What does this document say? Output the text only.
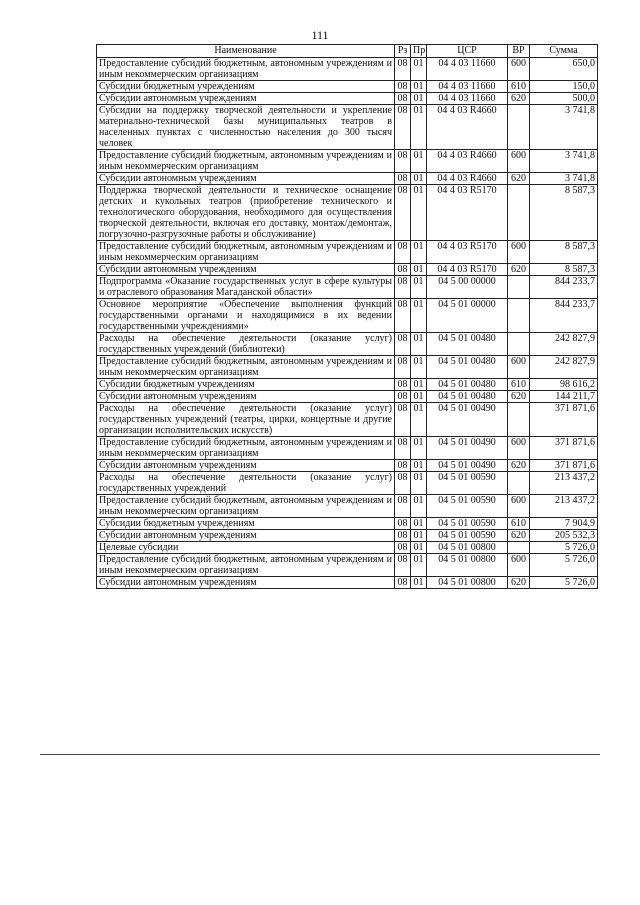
111
Наименование	Рз	Пр	ЦСР	ВР	Сумма
Предоставление субсидий бюджетным, автономным учреждениям и иным некоммерческим организациям	08	01	04 4 03 11660	600	650,0
Субсидии бюджетным учреждениям	08	01	04 4 03 11660	610	150,0
Субсидии автономным учреждениям	08	01	04 4 03 11660	620	500,0
Субсидии на поддержку творческой деятельности и укрепление материально-технической базы муниципальных театров в населенных пунктах с численностью населения до 300 тысяч человек	08	01	04 4 03 R4660		3 741,8
Предоставление субсидий бюджетным, автономным учреждениям и иным некоммерческим организациям	08	01	04 4 03 R4660	600	3 741,8
Субсидии автономным учреждениям	08	01	04 4 03 R4660	620	3 741,8
Поддержка творческой деятельности и техническое оснащение детских и кукольных театров (приобретение технического и технологического оборудования, необходимого для осуществления творческой деятельности, включая его доставку, монтаж/демонтаж, погрузочно-разгрузочные работы и обслуживание)	08	01	04 4 03 R5170		8 587,3
Предоставление субсидий бюджетным, автономным учреждениям и иным некоммерческим организациям	08	01	04 4 03 R5170	600	8 587,3
Субсидии автономным учреждениям	08	01	04 4 03 R5170	620	8 587,3
Подпрограмма «Оказание государственных услуг в сфере культуры и отраслевого образования Магаданской области»	08	01	04 5 00 00000		844 233,7
Основное мероприятие «Обеспечение выполнения функций государственными органами и находящимися в их ведении государственными учреждениями»	08	01	04 5 01 00000		844 233,7
Расходы на обеспечение деятельности (оказание услуг) государственных учреждений (библиотеки)	08	01	04 5 01 00480		242 827,9
Предоставление субсидий бюджетным, автономным учреждениям и иным некоммерческим организациям	08	01	04 5 01 00480	600	242 827,9
Субсидии бюджетным учреждениям	08	01	04 5 01 00480	610	98 616,2
Субсидии автономным учреждениям	08	01	04 5 01 00480	620	144 211,7
Расходы на обеспечение деятельности (оказание услуг) государственных учреждений (театры, цирки, концертные и другие организации исполнительских искусств)	08	01	04 5 01 00490		371 871,6
Предоставление субсидий бюджетным, автономным учреждениям и иным некоммерческим организациям	08	01	04 5 01 00490	600	371 871,6
Субсидии автономным учреждениям	08	01	04 5 01 00490	620	371 871,6
Расходы на обеспечение деятельности (оказание услуг) государственных учреждений	08	01	04 5 01 00590		213 437,2
Предоставление субсидий бюджетным, автономным учреждениям и иным некоммерческим организациям	08	01	04 5 01 00590	600	213 437,2
Субсидии бюджетным учреждениям	08	01	04 5 01 00590	610	7 904,9
Субсидии автономным учреждениям	08	01	04 5 01 00590	620	205 532,3
Целевые субсидии	08	01	04 5 01 00800		5 726,0
Предоставление субсидий бюджетным, автономным учреждениям и иным некоммерческим организациям	08	01	04 5 01 00800	600	5 726,0
Субсидии автономным учреждениям	08	01	04 5 01 00800	620	5 726,0
